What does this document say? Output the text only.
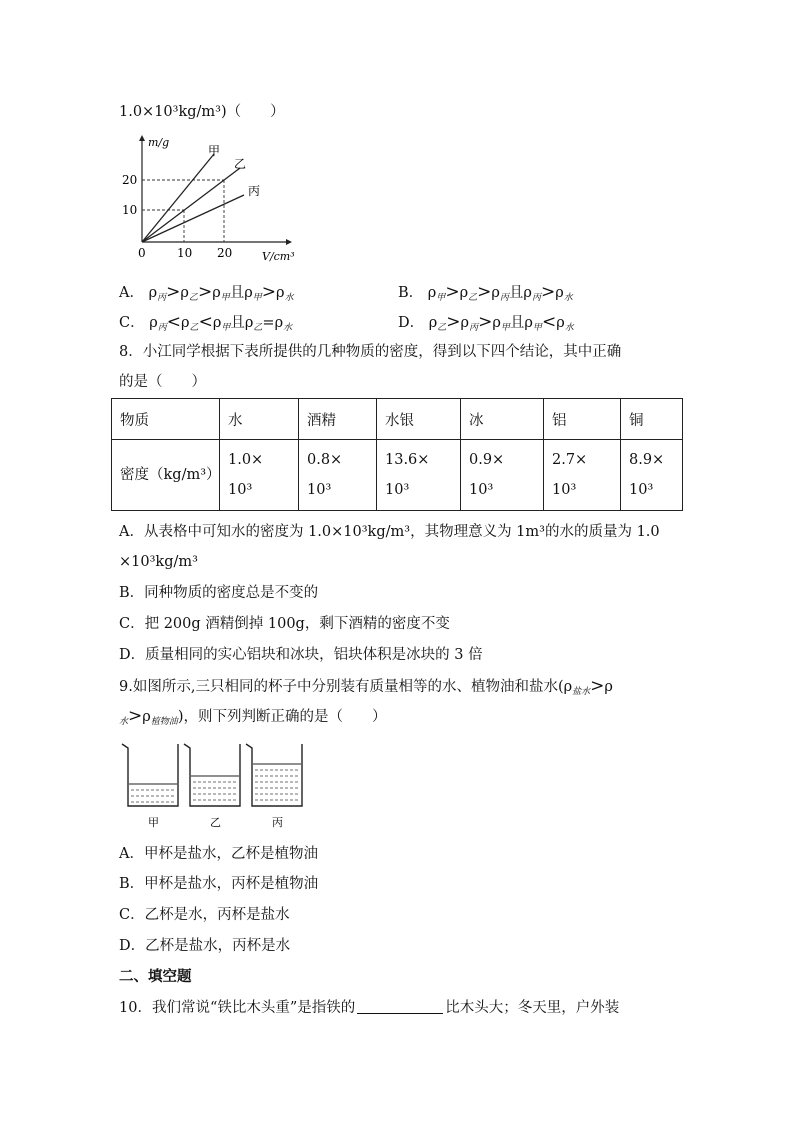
1.0×10³kg/m³)（　　）
m/g
V/cm³
20
10
0	10 20
甲
乙
丙
A． $\rho_丙>\rho_乙>\rho_甲$且$\rho_甲>\rho_水$	B． $\rho_甲>\rho_乙>\rho_丙$且$\rho_丙>\rho_水$
C． $\rho_丙<\rho_乙<\rho_甲$且$\rho_乙=\rho_水$	D． $\rho_乙>\rho_丙>\rho_甲$且$\rho_甲<\rho_水$
8．小江同学根据下表所提供的几种物质的密度，得到以下四个结论，其中正确
的是（　　）
物质	水	酒精	水银	冰	铝	铜
密度（kg/m³）	1.0×
10³	0.8×
10³	13.6×
10³	0.9×
10³	2.7×
10³	8.9×
10³
A．从表格中可知水的密度为 1.0×10³kg/m³，其物理意义为 1m³的水的质量为 1.0
×10³kg/m³
B．同种物质的密度总是不变的
C．把 200g 酒精倒掉 100g，剩下酒精的密度不变
D．质量相同的实心铝块和冰块，铝块体积是冰块的 3 倍
9.如图所示,三只相同的杯子中分别装有质量相等的水、植物油和盐水($\rho_{盐水}>\rho$
$_水>\rho_{植物油}$)，则下列判断正确的是（　　）
甲	乙	丙
A．甲杯是盐水，乙杯是植物油
B．甲杯是盐水，丙杯是植物油
C．乙杯是水，丙杯是盐水
D．乙杯是盐水，丙杯是水
二、填空题
10．我们常说“铁比木头重”是指铁的	比木头大；冬天里，户外装
